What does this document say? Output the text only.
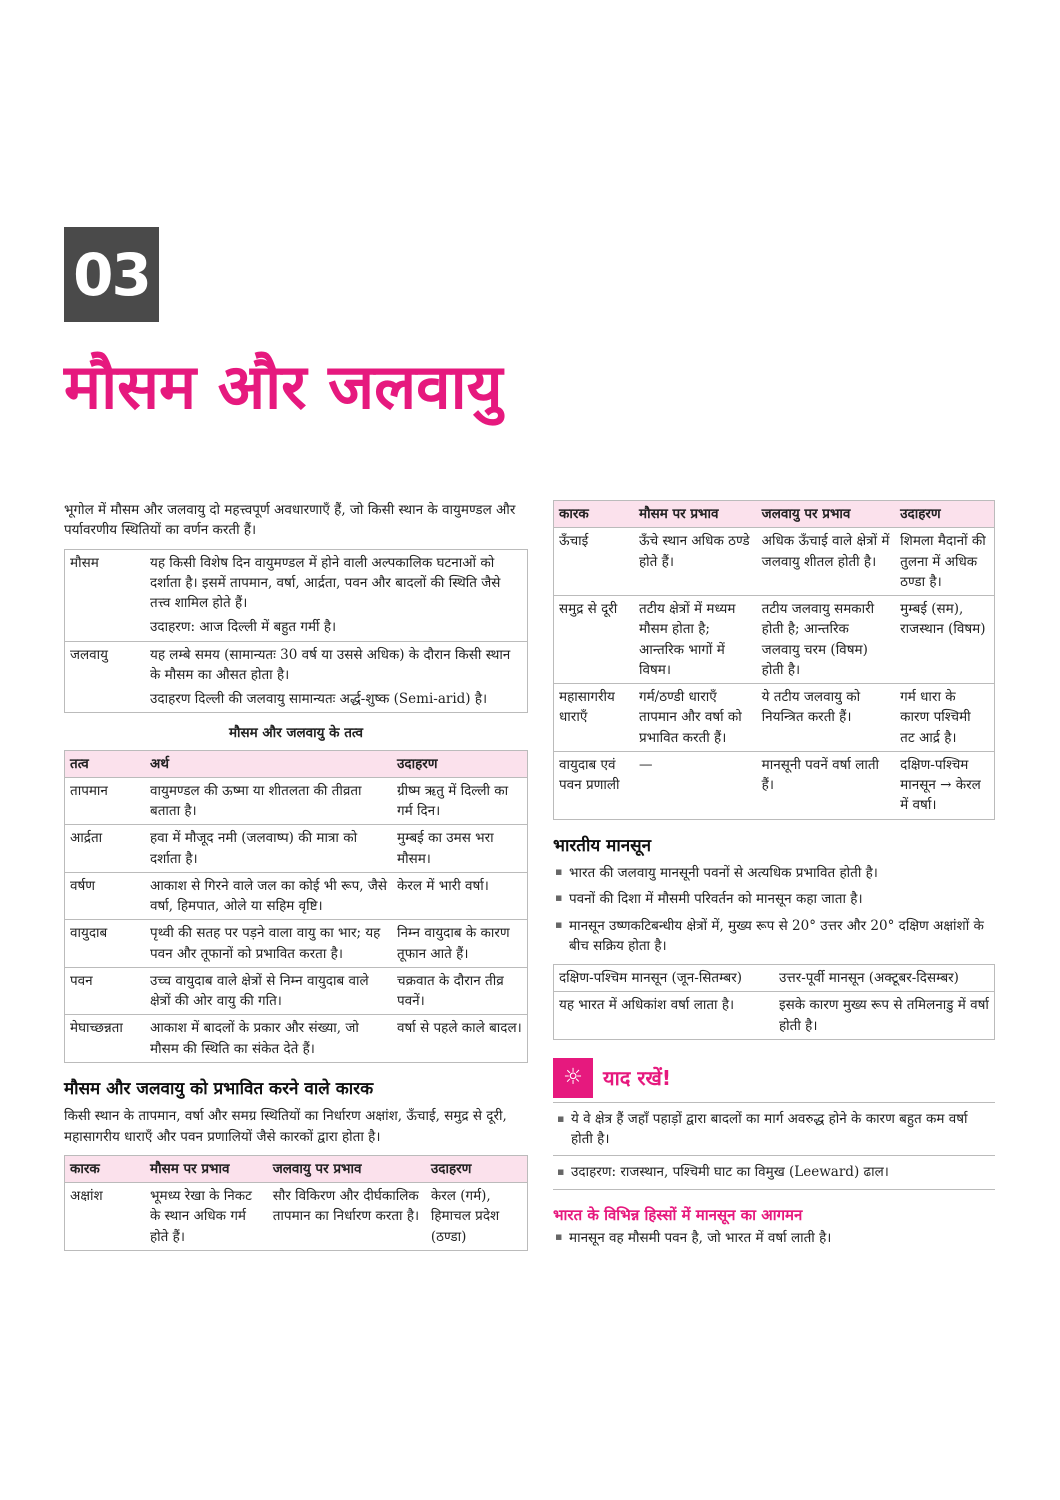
03
मौसम और जलवायु

भूगोल में मौसम और जलवायु दो महत्त्वपूर्ण अवधारणाएँ हैं, जो किसी स्थान के वायुमण्डल और पर्यावरणीय स्थितियों का वर्णन करती हैं।

मौसम	यह किसी विशेष दिन वायुमण्डल में होने वाली अल्पकालिक घटनाओं को दर्शाता है। इसमें तापमान, वर्षा, आर्द्रता, पवन और बादलों की स्थिति जैसे तत्त्व शामिल होते हैं।
उदाहरण: आज दिल्ली में बहुत गर्मी है।

जलवायु	यह लम्बे समय (सामान्यतः 30 वर्ष या उससे अधिक) के दौरान किसी स्थान के मौसम का औसत होता है।
उदाहरण दिल्ली की जलवायु सामान्यतः अर्द्ध-शुष्क (Semi-arid) है।
मौसम और जलवायु के तत्व
तत्व	अर्थ	उदाहरण
तापमान	वायुमण्डल की ऊष्मा या शीतलता की तीव्रता बताता है।	ग्रीष्म ऋतु में दिल्ली का गर्म दिन।
आर्द्रता	हवा में मौजूद नमी (जलवाष्प) की मात्रा को दर्शाता है।	मुम्बई का उमस भरा मौसम।
वर्षण	आकाश से गिरने वाले जल का कोई भी रूप, जैसे वर्षा, हिमपात, ओले या सहिम वृष्टि।	केरल में भारी वर्षा।
वायुदाब	पृथ्वी की सतह पर पड़ने वाला वायु का भार; यह पवन और तूफानों को प्रभावित करता है।	निम्न वायुदाब के कारण तूफान आते हैं।
पवन	उच्च वायुदाब वाले क्षेत्रों से निम्न वायुदाब वाले क्षेत्रों की ओर वायु की गति।	चक्रवात के दौरान तीव्र पवनें।
मेघाच्छन्नता	आकाश में बादलों के प्रकार और संख्या, जो मौसम की स्थिति का संकेत देते हैं।	वर्षा से पहले काले बादल।
मौसम और जलवायु को प्रभावित करने वाले कारक

किसी स्थान के तापमान, वर्षा और समग्र स्थितियों का निर्धारण अक्षांश, ऊँचाई, समुद्र से दूरी, महासागरीय धाराएँ और पवन प्रणालियों जैसे कारकों द्वारा होता है।

कारक	मौसम पर प्रभाव	जलवायु पर प्रभाव	उदाहरण
अक्षांश	भूमध्य रेखा के निकट के स्थान अधिक गर्म होते हैं।	सौर विकिरण और दीर्घकालिक तापमान का निर्धारण करता है।	केरल (गर्म), हिमाचल प्रदेश (ठण्डा)
कारक	मौसम पर प्रभाव	जलवायु पर प्रभाव	उदाहरण
ऊँचाई	ऊँचे स्थान अधिक ठण्डे होते हैं।	अधिक ऊँचाई वाले क्षेत्रों में जलवायु शीतल होती है।	शिमला मैदानों की तुलना में अधिक ठण्डा है।
समुद्र से दूरी	तटीय क्षेत्रों में मध्यम मौसम होता है; आन्तरिक भागों में विषम।	तटीय जलवायु समकारी होती है; आन्तरिक जलवायु चरम (विषम) होती है।	मुम्बई (सम), राजस्थान (विषम)
महासागरीय धाराएँ	गर्म/ठण्डी धाराएँ तापमान और वर्षा को प्रभावित करती हैं।	ये तटीय जलवायु को नियन्त्रित करती हैं।	गर्म धारा के कारण पश्चिमी तट आर्द्र है।
वायुदाब एवं पवन प्रणाली	—	मानसूनी पवनें वर्षा लाती हैं।	दक्षिण-पश्चिम मानसून → केरल में वर्षा।
भारतीय मानसून
▪ भारत की जलवायु मानसूनी पवनों से अत्यधिक प्रभावित होती है।
▪ पवनों की दिशा में मौसमी परिवर्तन को मानसून कहा जाता है।
▪ मानसून उष्णकटिबन्धीय क्षेत्रों में, मुख्य रूप से 20° उत्तर और 20° दक्षिण अक्षांशों के बीच सक्रिय होता है।
दक्षिण-पश्चिम मानसून (जून-सितम्बर)	उत्तर-पूर्वी मानसून (अक्टूबर-दिसम्बर)
यह भारत में अधिकांश वर्षा लाता है।	इसके कारण मुख्य रूप से तमिलनाडु में वर्षा होती है।
☼	याद रखें!
▪ ये वे क्षेत्र हैं जहाँ पहाड़ों द्वारा बादलों का मार्ग अवरुद्ध होने के कारण बहुत कम वर्षा होती है।
▪ उदाहरण: राजस्थान, पश्चिमी घाट का विमुख (Leeward) ढाल।
भारत के विभिन्न हिस्सों में मानसून का आगमन
▪ मानसून वह मौसमी पवन है, जो भारत में वर्षा लाती है।
